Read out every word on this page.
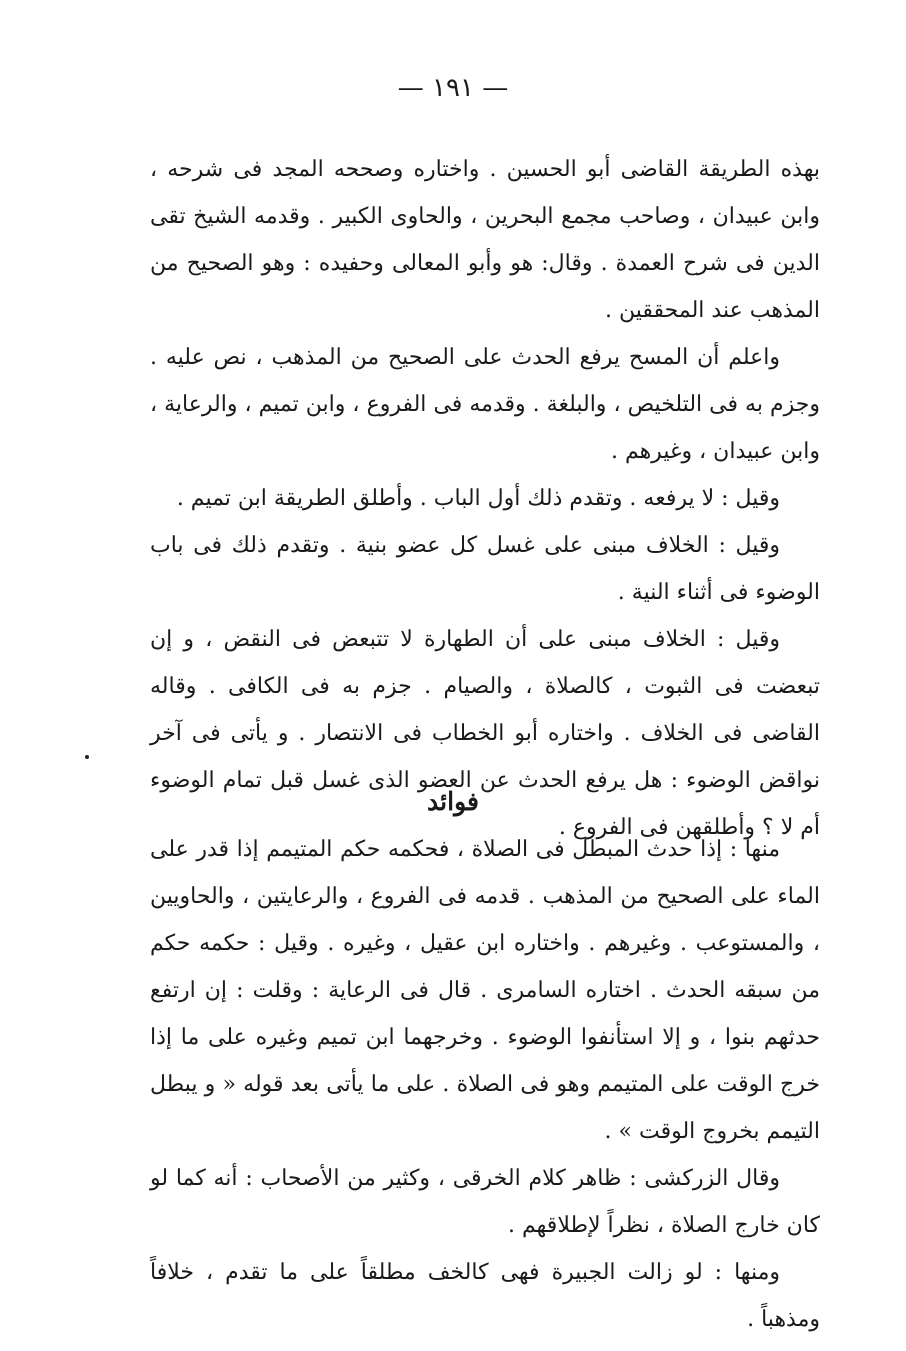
— ١٩١ —

بهذه الطريقة القاضى أبو الحسين . واختاره وصححه المجد فى شرحه ، وابن عبيدان ، وصاحب مجمع البحرين ، والحاوى الكبير . وقدمه الشيخ تقى الدين فى شرح العمدة . وقال: هو وأبو المعالى وحفيده : وهو الصحيح من المذهب عند المحققين .

واعلم أن المسح يرفع الحدث على الصحيح من المذهب ، نص عليه . وجزم به فى التلخيص ، والبلغة . وقدمه فى الفروع ، وابن تميم ، والرعاية ، وابن عبيدان ، وغيرهم .

وقيل : لا يرفعه . وتقدم ذلك أول الباب . وأطلق الطريقة ابن تميم .

وقيل : الخلاف مبنى على غسل كل عضو بنية . وتقدم ذلك فى باب الوضوء فى أثناء النية .

وقيل : الخلاف مبنى على أن الطهارة لا تتبعض فى النقض ، و إن تبعضت فى الثبوت ، كالصلاة ، والصيام . جزم به فى الكافى . وقاله القاضى فى الخلاف . واختاره أبو الخطاب فى الانتصار . و يأتى فى آخر نواقض الوضوء : هل يرفع الحدث عن العضو الذى غسل قبل تمام الوضوء أم لا ؟ وأطلقهن فى الفروع .

فوائد

منها : إذا حدث المبطل فى الصلاة ، فحكمه حكم المتيمم إذا قدر على الماء على الصحيح من المذهب . قدمه فى الفروع ، والرعايتين ، والحاويين ، والمستوعب . وغيرهم . واختاره ابن عقيل ، وغيره . وقيل : حكمه حكم من سبقه الحدث . اختاره السامرى . قال فى الرعاية : وقلت : إن ارتفع حدثهم بنوا ، و إلا استأنفوا الوضوء . وخرجهما ابن تميم وغيره على ما إذا خرج الوقت على المتيمم وهو فى الصلاة . على ما يأتى بعد قوله « و يبطل التيمم بخروج الوقت » .

وقال الزركشى : ظاهر كلام الخرقى ، وكثير من الأصحاب : أنه كما لو كان خارج الصلاة ، نظراً لإطلاقهم .

ومنها : لو زالت الجبيرة فهى كالخف مطلقاً على ما تقدم ، خلافاً ومذهباً .
